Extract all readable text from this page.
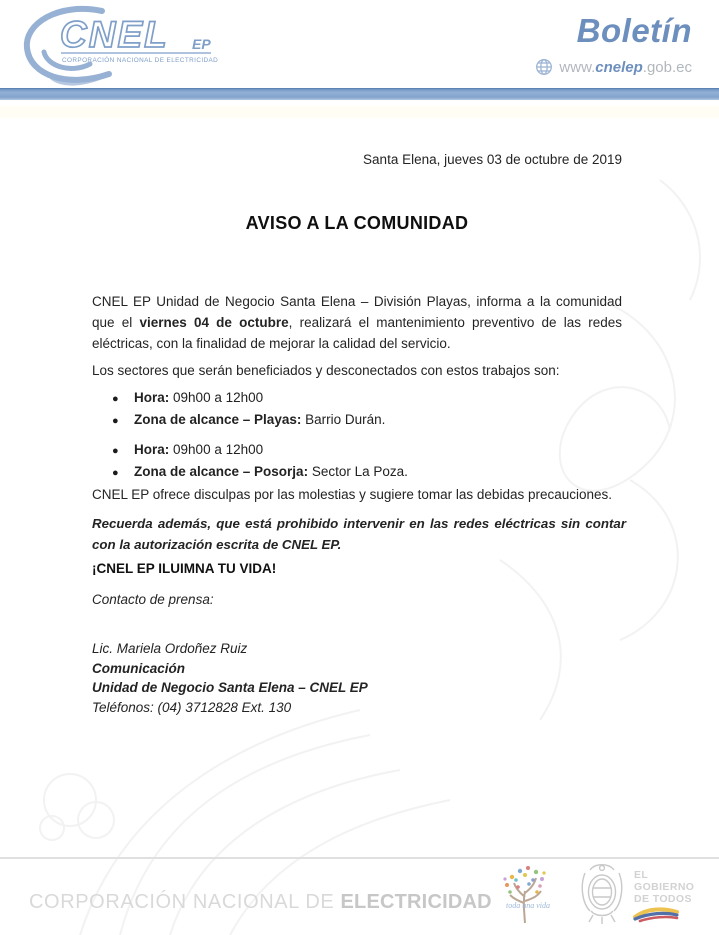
CNEL EP
CORPORACIÓN NACIONAL DE ELECTRICIDAD
Boletín
www.cnelep.gob.ec
Santa Elena, jueves 03 de octubre de 2019
AVISO A LA COMUNIDAD
CNEL EP Unidad de Negocio Santa Elena – División Playas, informa a la comunidad que el viernes 04 de octubre, realizará el mantenimiento preventivo de las redes eléctricas, con la finalidad de mejorar la calidad del servicio.
Los sectores que serán beneficiados y desconectados con estos trabajos son:
●
Hora: 09h00 a 12h00
●
Zona de alcance – Playas: Barrio Durán.
●
Hora: 09h00 a 12h00
●
Zona de alcance – Posorja: Sector La Poza.
CNEL EP ofrece disculpas por las molestias y sugiere tomar las debidas precauciones.
Recuerda además, que está prohibido intervenir en las redes eléctricas sin contar con la autorización escrita de CNEL EP.
¡CNEL EP ILUIMNA TU VIDA!
Contacto de prensa:
Lic. Mariela Ordoñez Ruiz
Comunicación
Unidad de Negocio Santa Elena – CNEL EP
Teléfonos: (04) 3712828 Ext. 130
CORPORACIÓN NACIONAL DE ELECTRICIDAD toda una vida
EL
GOBIERNO
DE TODOS
